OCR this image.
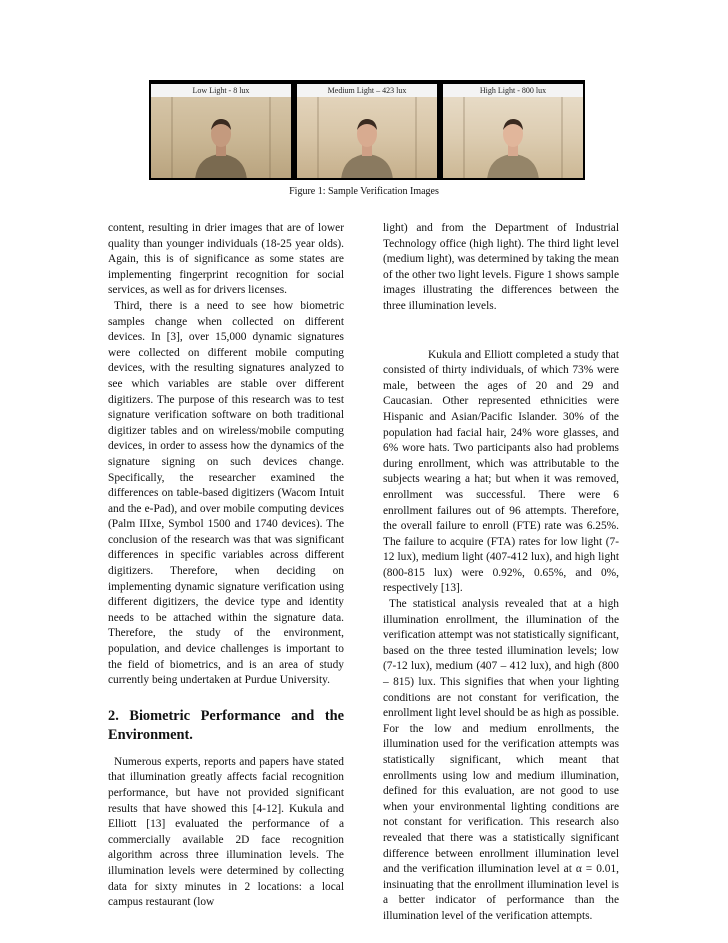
Low Light - 8 lux	Medium Light – 423 lux	High Light - 800 lux
Figure 1: Sample Verification Images

content, resulting in drier images that are of lower quality than younger individuals (18-25 year olds). Again, this is of significance as some states are implementing fingerprint recognition for social services, as well as for drivers licenses.

Third, there is a need to see how biometric samples change when collected on different devices. In [3], over 15,000 dynamic signatures were collected on different mobile computing devices, with the resulting signatures analyzed to see which variables are stable over different digitizers. The purpose of this research was to test signature verification software on both traditional digitizer tables and on wireless/mobile computing devices, in order to assess how the dynamics of the signature signing on such devices change. Specifically, the researcher examined the differences on table-based digitizers (Wacom Intuit and the e-Pad), and over mobile computing devices (Palm IIIxe, Symbol 1500 and 1740 devices). The conclusion of the research was that was significant differences in specific variables across different digitizers. Therefore, when deciding on implementing dynamic signature verification using different digitizers, the device type and identity needs to be attached within the signature data. Therefore, the study of the environment, population, and device challenges is important to the field of biometrics, and is an area of study currently being undertaken at Purdue University.

2. Biometric Performance and the Environment.

Numerous experts, reports and papers have stated that illumination greatly affects facial recognition performance, but have not provided significant results that have showed this [4-12]. Kukula and Elliott [13] evaluated the performance of a commercially available 2D face recognition algorithm across three illumination levels. The illumination levels were determined by collecting data for sixty minutes in 2 locations: a local campus restaurant (low

light) and from the Department of Industrial Technology office (high light). The third light level (medium light), was determined by taking the mean of the other two light levels. Figure 1 shows sample images illustrating the differences between the three illumination levels.

Kukula and Elliott completed a study that consisted of thirty individuals, of which 73% were male, between the ages of 20 and 29 and Caucasian. Other represented ethnicities were Hispanic and Asian/Pacific Islander. 30% of the population had facial hair, 24% wore glasses, and 6% wore hats. Two participants also had problems during enrollment, which was attributable to the subjects wearing a hat; but when it was removed, enrollment was successful. There were 6 enrollment failures out of 96 attempts. Therefore, the overall failure to enroll (FTE) rate was 6.25%. The failure to acquire (FTA) rates for low light (7-12 lux), medium light (407-412 lux), and high light (800-815 lux) were 0.92%, 0.65%, and 0%, respectively [13].

The statistical analysis revealed that at a high illumination enrollment, the illumination of the verification attempt was not statistically significant, based on the three tested illumination levels; low (7-12 lux), medium (407 – 412 lux), and high (800 – 815) lux. This signifies that when your lighting conditions are not constant for verification, the enrollment light level should be as high as possible. For the low and medium enrollments, the illumination used for the verification attempts was statistically significant, which meant that enrollments using low and medium illumination, defined for this evaluation, are not good to use when your environmental lighting conditions are not constant for verification. This research also revealed that there was a statistically significant difference between enrollment illumination level and the verification illumination level at α = 0.01, insinuating that the enrollment illumination level is a better indicator of performance than the illumination level of the verification attempts.
